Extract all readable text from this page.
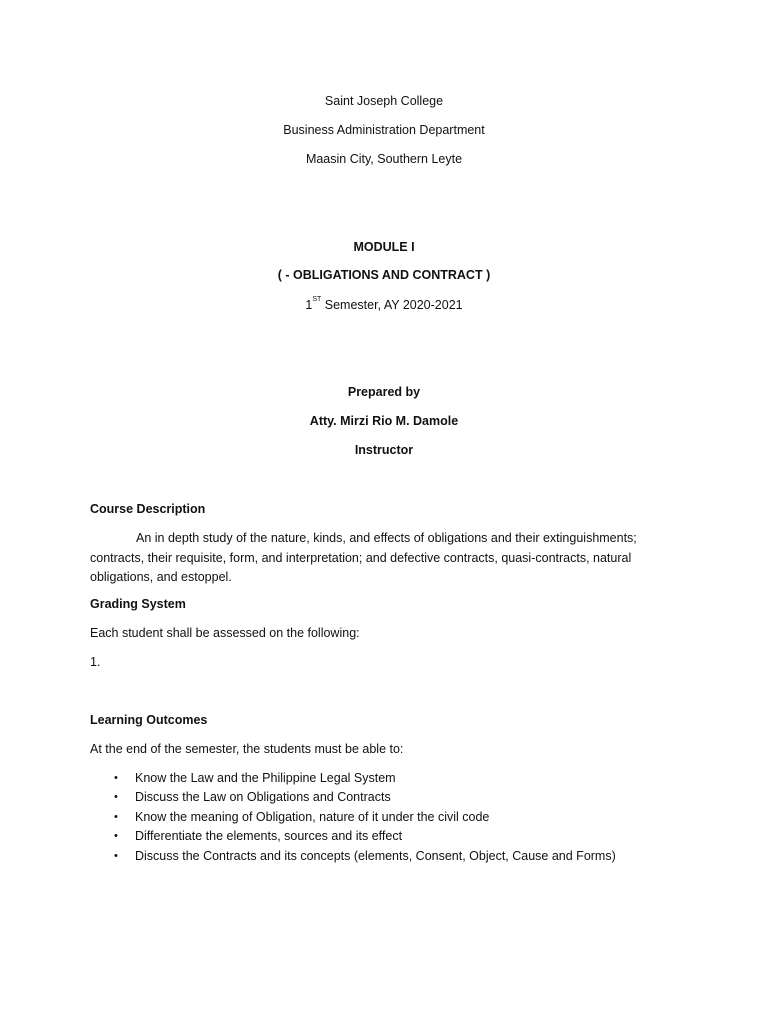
Saint Joseph College
Business Administration Department
Maasin City, Southern Leyte
MODULE I
( - OBLIGATIONS AND CONTRACT )
1ST Semester, AY 2020-2021
Prepared by
Atty. Mirzi Rio M. Damole
Instructor
Course Description
An in depth study of the nature, kinds, and effects of obligations and their extinguishments; contracts, their requisite, form, and interpretation; and defective contracts, quasi-contracts, natural obligations, and estoppel.
Grading System
Each student shall be assessed on the following:
1.
Learning Outcomes
At the end of the semester, the students must be able to:
• Know the Law and the Philippine Legal System
• Discuss the Law on Obligations and Contracts
• Know the meaning of Obligation, nature of it under the civil code
• Differentiate the elements, sources and its effect
• Discuss the Contracts and its concepts (elements, Consent, Object, Cause and Forms)
